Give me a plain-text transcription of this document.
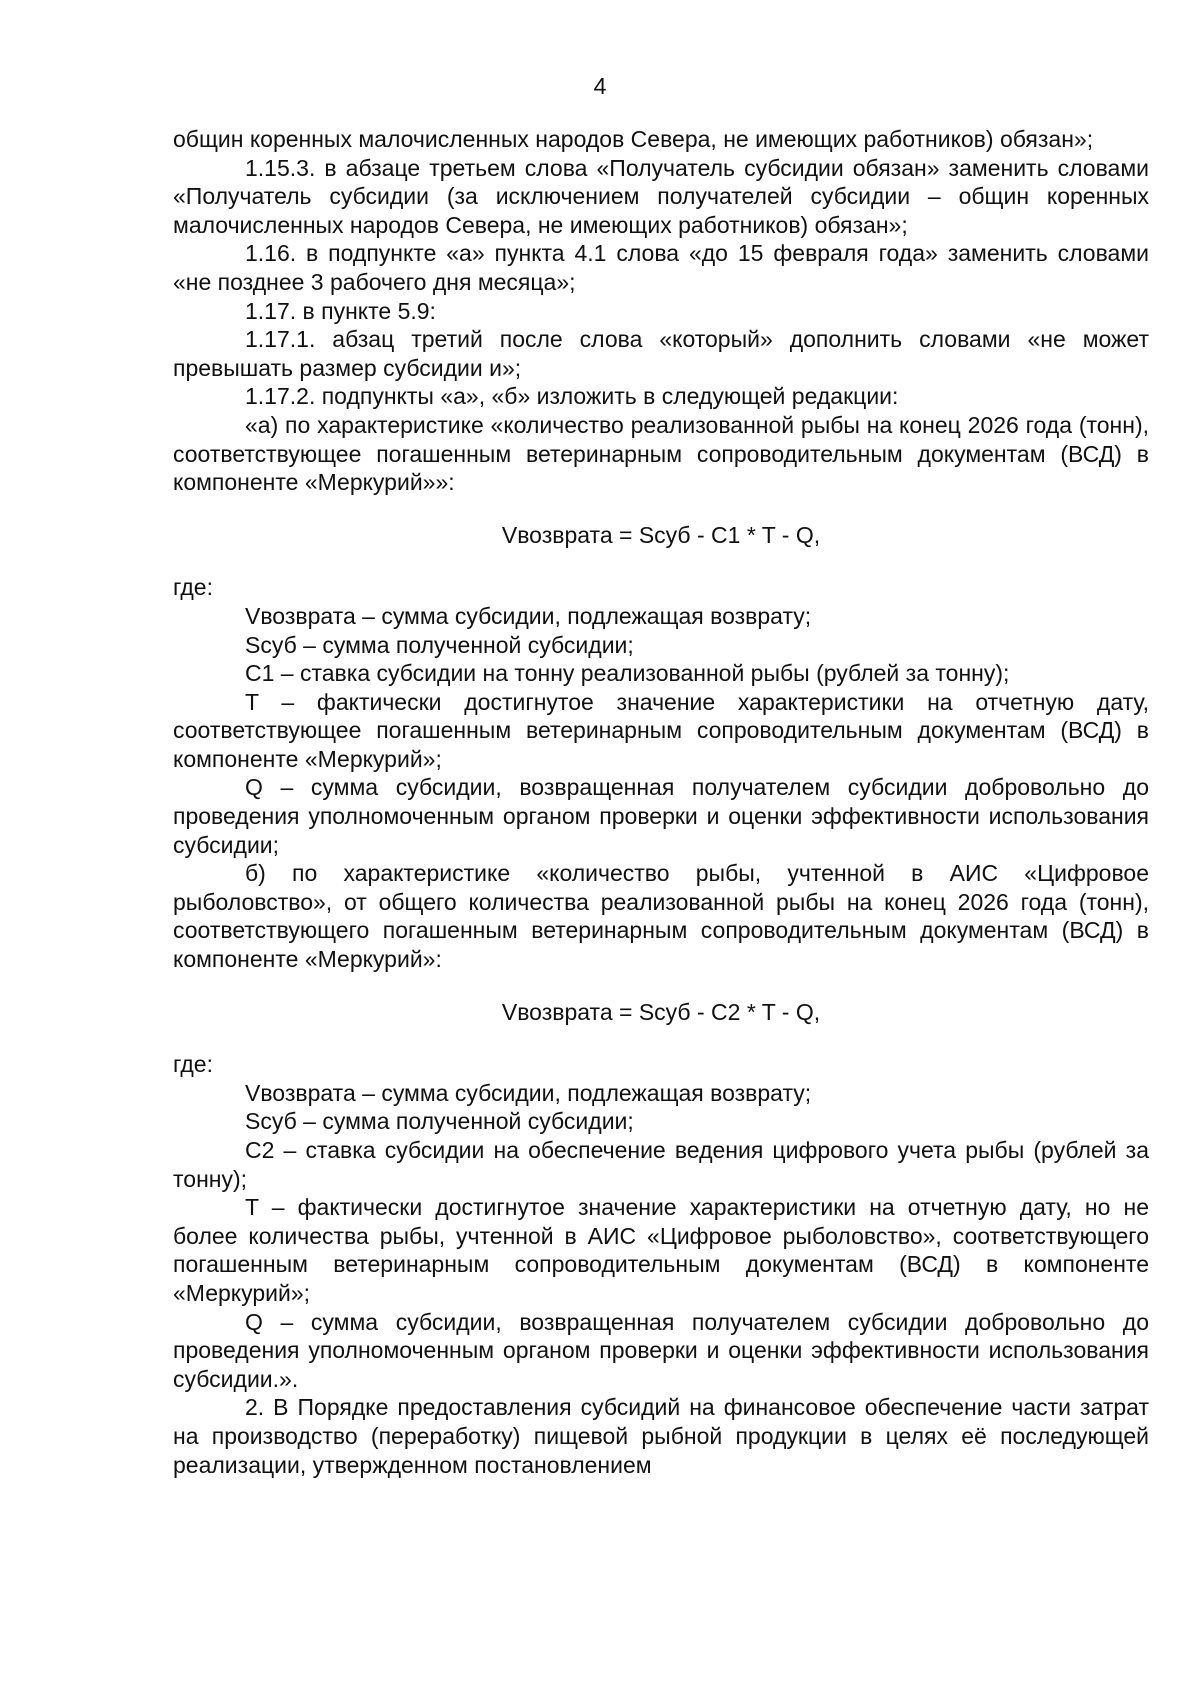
4

общин коренных малочисленных народов Севера, не имеющих работников) обязан»;

1.15.3. в абзаце третьем слова «Получатель субсидии обязан» заменить словами «Получатель субсидии (за исключением получателей субсидии – общин коренных малочисленных народов Севера, не имеющих работников) обязан»;

1.16. в подпункте «а» пункта 4.1 слова «до 15 февраля года» заменить словами «не позднее 3 рабочего дня месяца»;

1.17. в пункте 5.9:

1.17.1. абзац третий после слова «который» дополнить словами «не может превышать размер субсидии и»;

1.17.2. подпункты «а», «б» изложить в следующей редакции:

«а) по характеристике «количество реализованной рыбы на конец 2026 года (тонн), соответствующее погашенным ветеринарным сопроводительным документам (ВСД) в компоненте «Меркурий»»:

Vвозврата = Sсуб - C1 * T - Q,

где:

Vвозврата – сумма субсидии, подлежащая возврату;

Sсуб – сумма полученной субсидии;

C1 – ставка субсидии на тонну реализованной рыбы (рублей за тонну);

T – фактически достигнутое значение характеристики на отчетную дату, соответствующее погашенным ветеринарным сопроводительным документам (ВСД) в компоненте «Меркурий»;

Q – сумма субсидии, возвращенная получателем субсидии добровольно до проведения уполномоченным органом проверки и оценки эффективности использования субсидии;

б) по характеристике «количество рыбы, учтенной в АИС «Цифровое рыболовство», от общего количества реализованной рыбы на конец 2026 года (тонн), соответствующего погашенным ветеринарным сопроводительным документам (ВСД) в компоненте «Меркурий»:

Vвозврата = Sсуб - C2 * T - Q,

где:

Vвозврата – сумма субсидии, подлежащая возврату;

Sсуб – сумма полученной субсидии;

C2 – ставка субсидии на обеспечение ведения цифрового учета рыбы (рублей за тонну);

T – фактически достигнутое значение характеристики на отчетную дату, но не более количества рыбы, учтенной в АИС «Цифровое рыболовство», соответствующего погашенным ветеринарным сопроводительным документам (ВСД) в компоненте «Меркурий»;

Q – сумма субсидии, возвращенная получателем субсидии добровольно до проведения уполномоченным органом проверки и оценки эффективности использования субсидии.».

2. В Порядке предоставления субсидий на финансовое обеспечение части затрат на производство (переработку) пищевой рыбной продукции в целях её последующей реализации, утвержденном постановлением
